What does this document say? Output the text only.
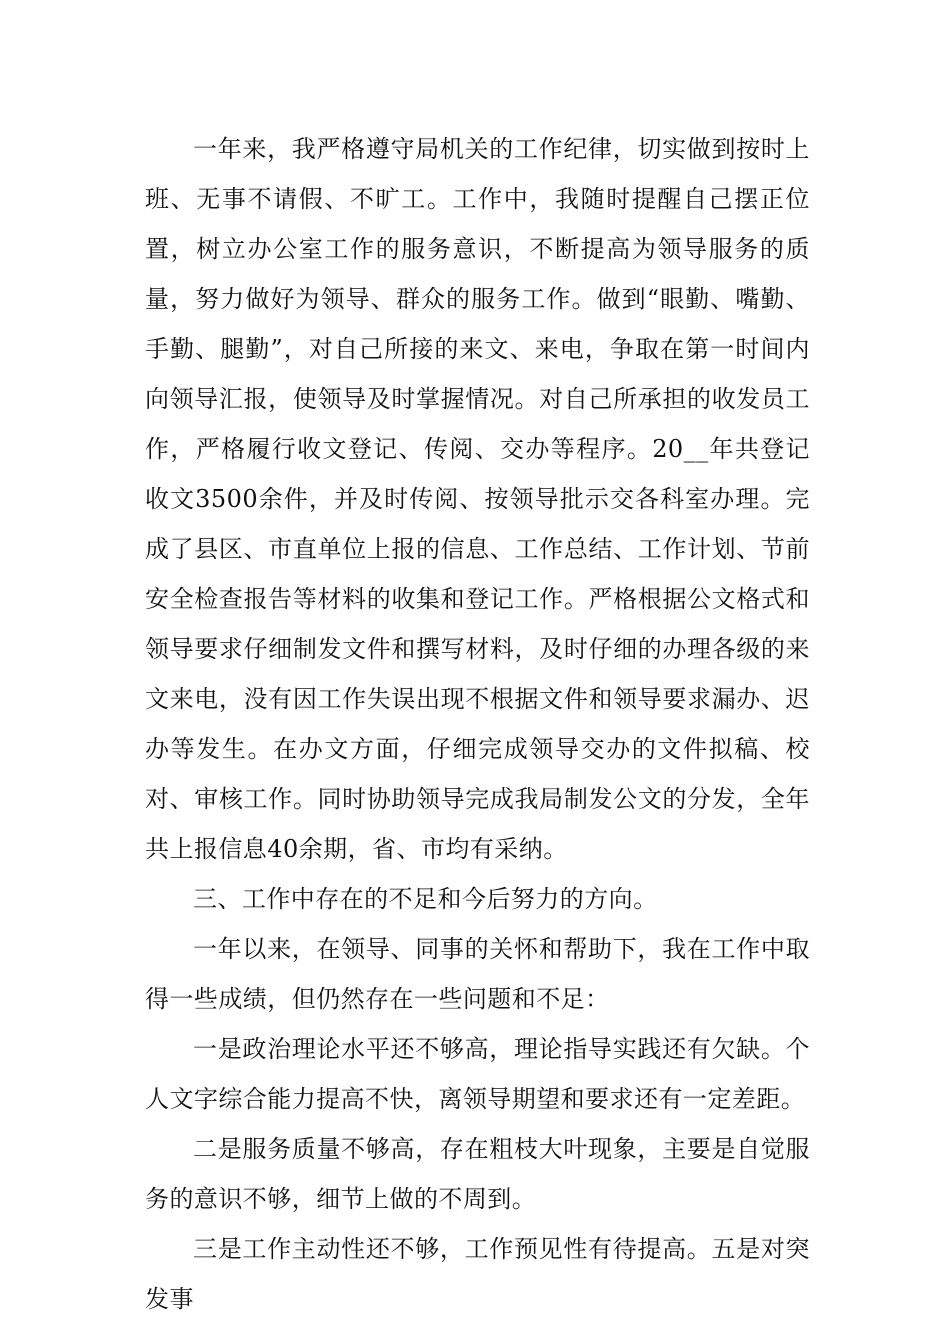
一年来，我严格遵守局机关的工作纪律，切实做到按时上班、无事不请假、不旷工。工作中，我随时提醒自己摆正位置，树立办公室工作的服务意识，不断提高为领导服务的质量，努力做好为领导、群众的服务工作。做到“眼勤、嘴勤、手勤、腿勤”，对自己所接的来文、来电，争取在第一时间内向领导汇报，使领导及时掌握情况。对自己所承担的收发员工作，严格履行收文登记、传阅、交办等程序。20__年共登记收文3500余件，并及时传阅、按领导批示交各科室办理。完成了县区、市直单位上报的信息、工作总结、工作计划、节前安全检查报告等材料的收集和登记工作。严格根据公文格式和领导要求仔细制发文件和撰写材料，及时仔细的办理各级的来文来电，没有因工作失误出现不根据文件和领导要求漏办、迟办等发生。在办文方面，仔细完成领导交办的文件拟稿、校对、审核工作。同时协助领导完成我局制发公文的分发，全年共上报信息40余期，省、市均有采纳。

三、工作中存在的不足和今后努力的方向。

一年以来，在领导、同事的关怀和帮助下，我在工作中取得一些成绩，但仍然存在一些问题和不足：

一是政治理论水平还不够高，理论指导实践还有欠缺。个人文字综合能力提高不快，离领导期望和要求还有一定差距。

二是服务质量不够高，存在粗枝大叶现象，主要是自觉服务的意识不够，细节上做的不周到。

三是工作主动性还不够，工作预见性有待提高。五是对突发事
